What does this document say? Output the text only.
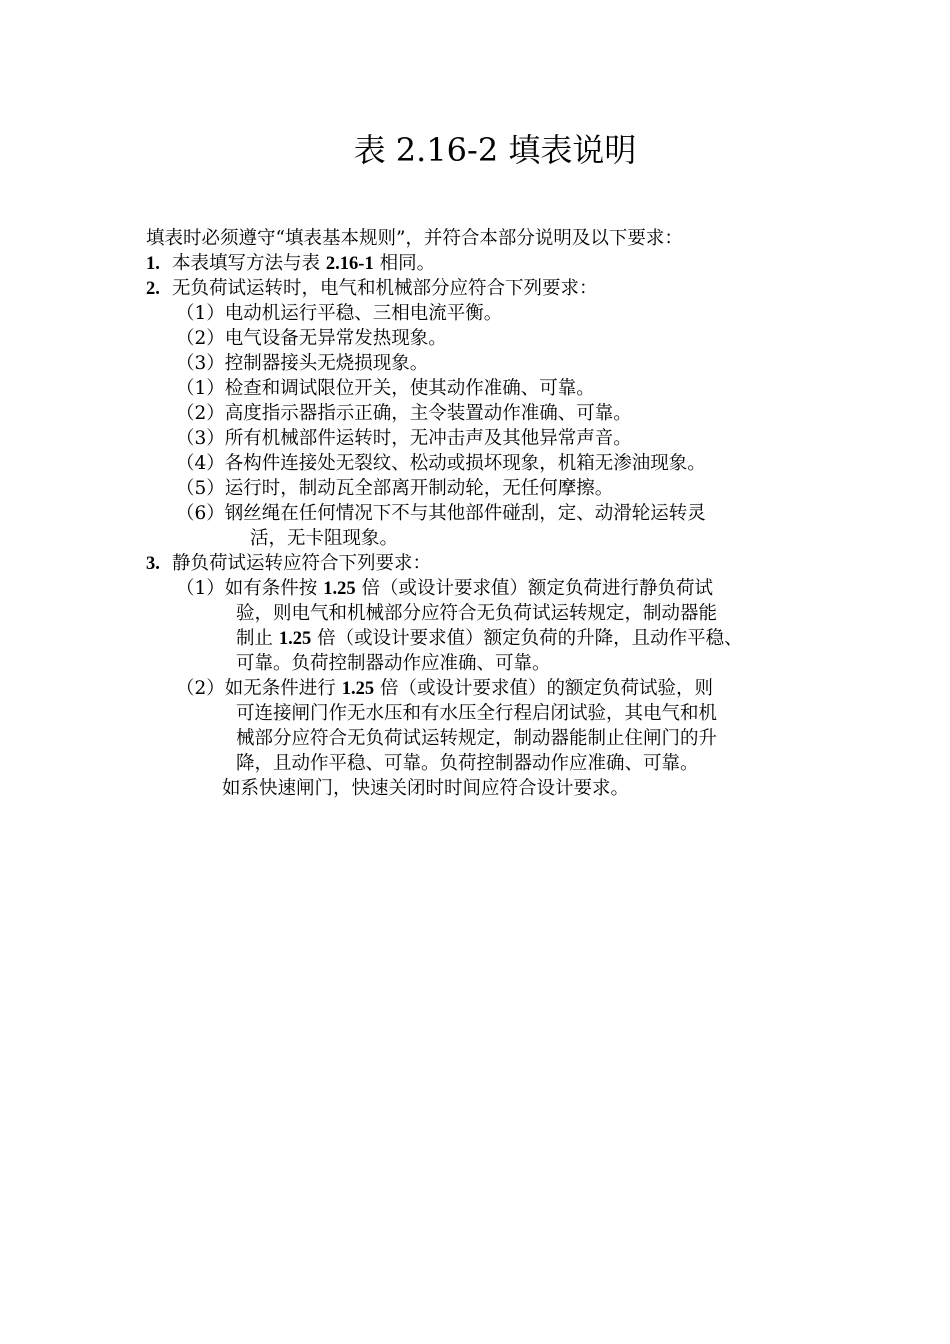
表 2.16-2 填表说明
填表时必须遵守“填表基本规则”，并符合本部分说明及以下要求：
1. 本表填写方法与表 2.16-1 相同。
2. 无负荷试运转时，电气和机械部分应符合下列要求：
（1）电动机运行平稳、三相电流平衡。
（2）电气设备无异常发热现象。
（3）控制器接头无烧损现象。
（1）检查和调试限位开关，使其动作准确、可靠。
（2）高度指示器指示正确，主令装置动作准确、可靠。
（3）所有机械部件运转时，无冲击声及其他异常声音。
（4）各构件连接处无裂纹、松动或损坏现象，机箱无渗油现象。
（5）运行时，制动瓦全部离开制动轮，无任何摩擦。
（6）钢丝绳在任何情况下不与其他部件碰刮，定、动滑轮运转灵
活，无卡阻现象。
3. 静负荷试运转应符合下列要求：
（1）如有条件按 1.25 倍（或设计要求值）额定负荷进行静负荷试
验，则电气和机械部分应符合无负荷试运转规定，制动器能
制止 1.25 倍（或设计要求值）额定负荷的升降，且动作平稳、
可靠。负荷控制器动作应准确、可靠。
（2）如无条件进行 1.25 倍（或设计要求值）的额定负荷试验，则
可连接闸门作无水压和有水压全行程启闭试验，其电气和机
械部分应符合无负荷试运转规定，制动器能制止住闸门的升
降，且动作平稳、可靠。负荷控制器动作应准确、可靠。
如系快速闸门，快速关闭时时间应符合设计要求。
